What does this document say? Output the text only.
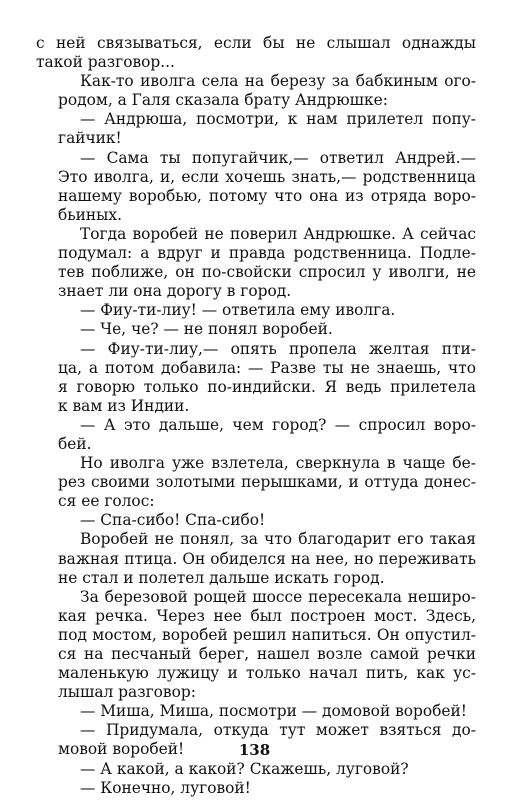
с ней связываться, если бы не слышал однажды
такой разговор...

Как-то иволга села на березу за бабкиным ого-
родом, а Галя сказала брату Андрюшке:

— Андрюша, посмотри, к нам прилетел попу-
гайчик!

— Сама ты попугайчик,— ответил Андрей.—
Это иволга, и, если хочешь знать,— родственница
нашему воробью, потому что она из отряда воро-
бьиных.

Тогда воробей не поверил Андрюшке. А сейчас
подумал: а вдруг и правда родственница. Подле-
тев поближе, он по-свойски спросил у иволги, не
знает ли она дорогу в город.

— Фиу-ти-лиу! — ответила ему иволга.

— Че, че? — не понял воробей.

— Фиу-ти-лиу,— опять пропела желтая пти-
ца, а потом добавила: — Разве ты не знаешь, что
я говорю только по-индийски. Я ведь прилетела
к вам из Индии.

— А это дальше, чем город? — спросил воро-
бей.

Но иволга уже взлетела, сверкнула в чаще бе-
рез своими золотыми перышками, и оттуда донес-
ся ее голос:

— Спа-сибо! Спа-сибо!

Воробей не понял, за что благодарит его такая
важная птица. Он обиделся на нее, но переживать
не стал и полетел дальше искать город.

За березовой рощей шоссе пересекала неширо-
кая речка. Через нее был построен мост. Здесь,
под мостом, воробей решил напиться. Он опустил-
ся на песчаный берег, нашел возле самой речки
маленькую лужицу и только начал пить, как ус-
лышал разговор:

— Миша, Миша, посмотри — домовой воробей!

— Придумала, откуда тут может взяться до-
мовой воробей!

— А какой, а какой? Скажешь, луговой?

— Конечно, луговой!

138
